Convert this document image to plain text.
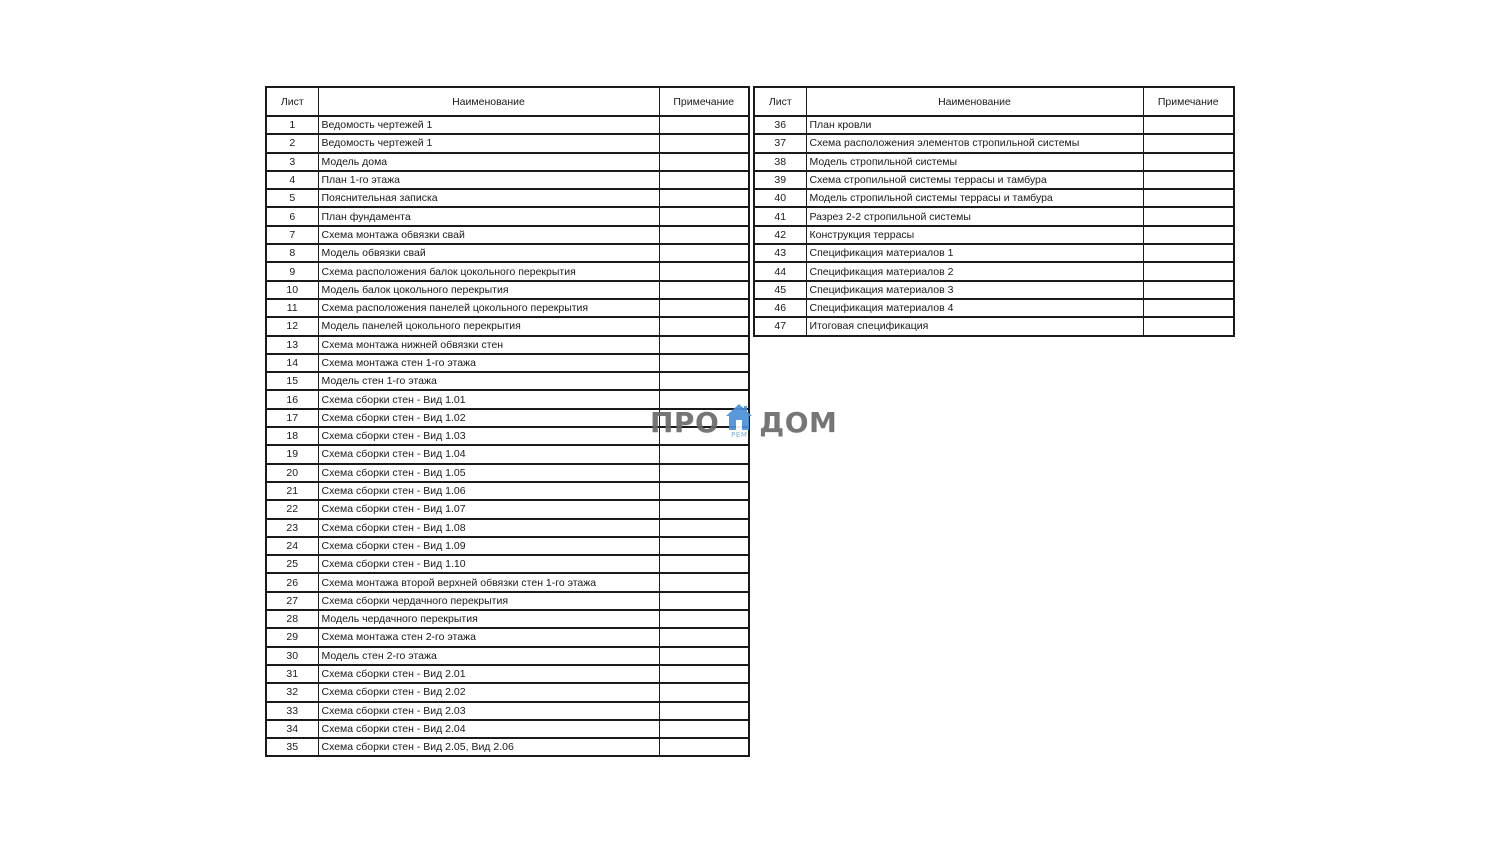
Лист	Наименование	Примечание
1	Ведомость чертежей 1	
2	Ведомость чертежей 1	
3	Модель дома	
4	План 1-го этажа	
5	Пояснительная записка	
6	План фундамента	
7	Схема монтажа обвязки свай	
8	Модель обвязки свай	
9	Схема расположения балок цокольного перекрытия	
10	Модель балок цокольного перекрытия	
11	Схема расположения панелей цокольного перекрытия	
12	Модель панелей цокольного перекрытия	
13	Схема монтажа нижней обвязки стен	
14	Схема монтажа стен 1-го этажа	
15	Модель стен 1-го этажа	
16	Схема сборки стен - Вид 1.01	
17	Схема сборки стен - Вид 1.02	
18	Схема сборки стен - Вид 1.03	
19	Схема сборки стен - Вид 1.04	
20	Схема сборки стен - Вид 1.05	
21	Схема сборки стен - Вид 1.06	
22	Схема сборки стен - Вид 1.07	
23	Схема сборки стен - Вид 1.08	
24	Схема сборки стен - Вид 1.09	
25	Схема сборки стен - Вид 1.10	
26	Схема монтажа второй верхней обвязки стен 1-го этажа	
27	Схема сборки чердачного перекрытия	
28	Модель чердачного перекрытия	
29	Схема монтажа стен 2-го этажа	
30	Модель стен 2-го этажа	
31	Схема сборки стен - Вид 2.01	
32	Схема сборки стен - Вид 2.02	
33	Схема сборки стен - Вид 2.03	
34	Схема сборки стен - Вид 2.04	
35	Схема сборки стен - Вид 2.05, Вид 2.06	
Лист	Наименование	Примечание
36	План кровли	
37	Схема расположения элементов стропильной системы	
38	Модель стропильной системы	
39	Схема стропильной системы террасы и тамбура	
40	Модель стропильной системы террасы и тамбура	
41	Разрез 2-2 стропильной системы	
42	Конструкция террасы	
43	Спецификация материалов 1	
44	Спецификация материалов 2	
45	Спецификация материалов 3	
46	Спецификация материалов 4	
47	Итоговая спецификация	
ПРО	РЕМ ДОМ
